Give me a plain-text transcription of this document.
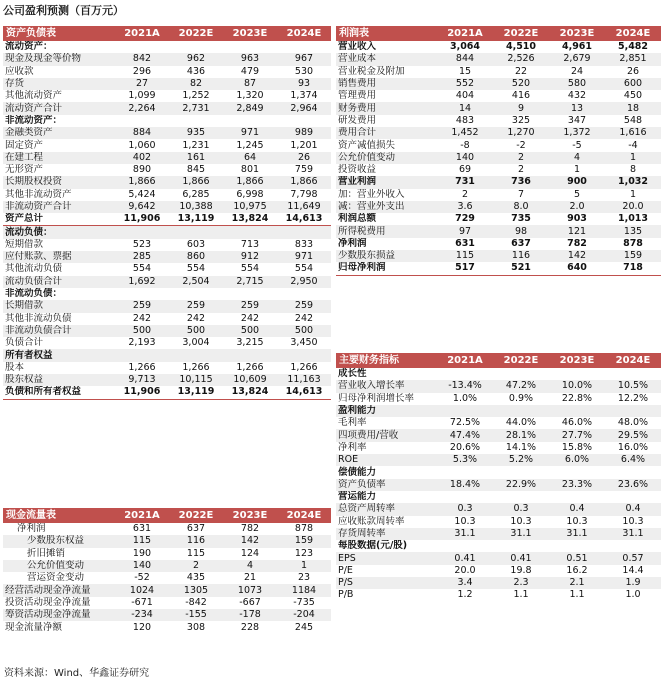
公司盈利预测（百万元）
资产负债表	2021A	2022E	2023E	2024E
流动资产：				
现金及现金等价物	842	962	963	967
应收款	296	436	479	530
存货	27	82	87	93
其他流动资产	1,099	1,252	1,320	1,374
流动资产合计	2,264	2,731	2,849	2,964
非流动资产：				
金融类资产	884	935	971	989
固定资产	1,060	1,231	1,245	1,201
在建工程	402	161	64	26
无形资产	890	845	801	759
长期股权投资	1,866	1,866	1,866	1,866
其他非流动资产	5,424	6,285	6,998	7,798
非流动资产合计	9,642	10,388	10,975	11,649
资产总计	11,906	13,119	13,824	14,613
流动负债：				
短期借款	523	603	713	833
应付账款、票据	285	860	912	971
其他流动负债	554	554	554	554
流动负债合计	1,692	2,504	2,715	2,950
非流动负债：				
长期借款	259	259	259	259
其他非流动负债	242	242	242	242
非流动负债合计	500	500	500	500
负债合计	2,193	3,004	3,215	3,450
所有者权益				
股本	1,266	1,266	1,266	1,266
股东权益	9,713	10,115	10,609	11,163
负债和所有者权益	11,906	13,119	13,824	14,613
现金流量表	2021A	2022E	2023E	2024E
净利润	631	637	782	878
少数股东权益	115	116	142	159
折旧摊销	190	115	124	123
公允价值变动	140	2	4	1
营运资金变动	-52	435	21	23
经营活动现金净流量	1024	1305	1073	1184
投资活动现金净流量	-671	-842	-667	-735
筹资活动现金净流量	-234	-155	-178	-204
现金流量净额	120	308	228	245
利润表	2021A	2022E	2023E	2024E
营业收入	3,064	4,510	4,961	5,482
营业成本	844	2,526	2,679	2,851
营业税金及附加	15	22	24	26
销售费用	552	520	580	600
管理费用	404	416	432	450
财务费用	14	9	13	18
研发费用	483	325	347	548
费用合计	1,452	1,270	1,372	1,616
资产减值损失	-8	-2	-5	-4
公允价值变动	140	2	4	1
投资收益	69	2	1	8
营业利润	731	736	900	1,032
加：营业外收入	2	7	5	1
减：营业外支出	3.6	8.0	2.0	20.0
利润总额	729	735	903	1,013
所得税费用	97	98	121	135
净利润	631	637	782	878
少数股东损益	115	116	142	159
归母净利润	517	521	640	718
主要财务指标	2021A	2022E	2023E	2024E
成长性				
营业收入增长率	-13.4%	47.2%	10.0%	10.5%
归母净利润增长率	1.0%	0.9%	22.8%	12.2%
盈利能力				
毛利率	72.5%	44.0%	46.0%	48.0%
四项费用/营收	47.4%	28.1%	27.7%	29.5%
净利率	20.6%	14.1%	15.8%	16.0%
ROE	5.3%	5.2%	6.0%	6.4%
偿债能力				
资产负债率	18.4%	22.9%	23.3%	23.6%
营运能力				
总资产周转率	0.3	0.3	0.4	0.4
应收账款周转率	10.3	10.3	10.3	10.3
存货周转率	31.1	31.1	31.1	31.1
每股数据(元/股)				
EPS	0.41	0.41	0.51	0.57
P/E	20.0	19.8	16.2	14.4
P/S	3.4	2.3	2.1	1.9
P/B	1.2	1.1	1.1	1.0
资料来源：Wind、华鑫证券研究
